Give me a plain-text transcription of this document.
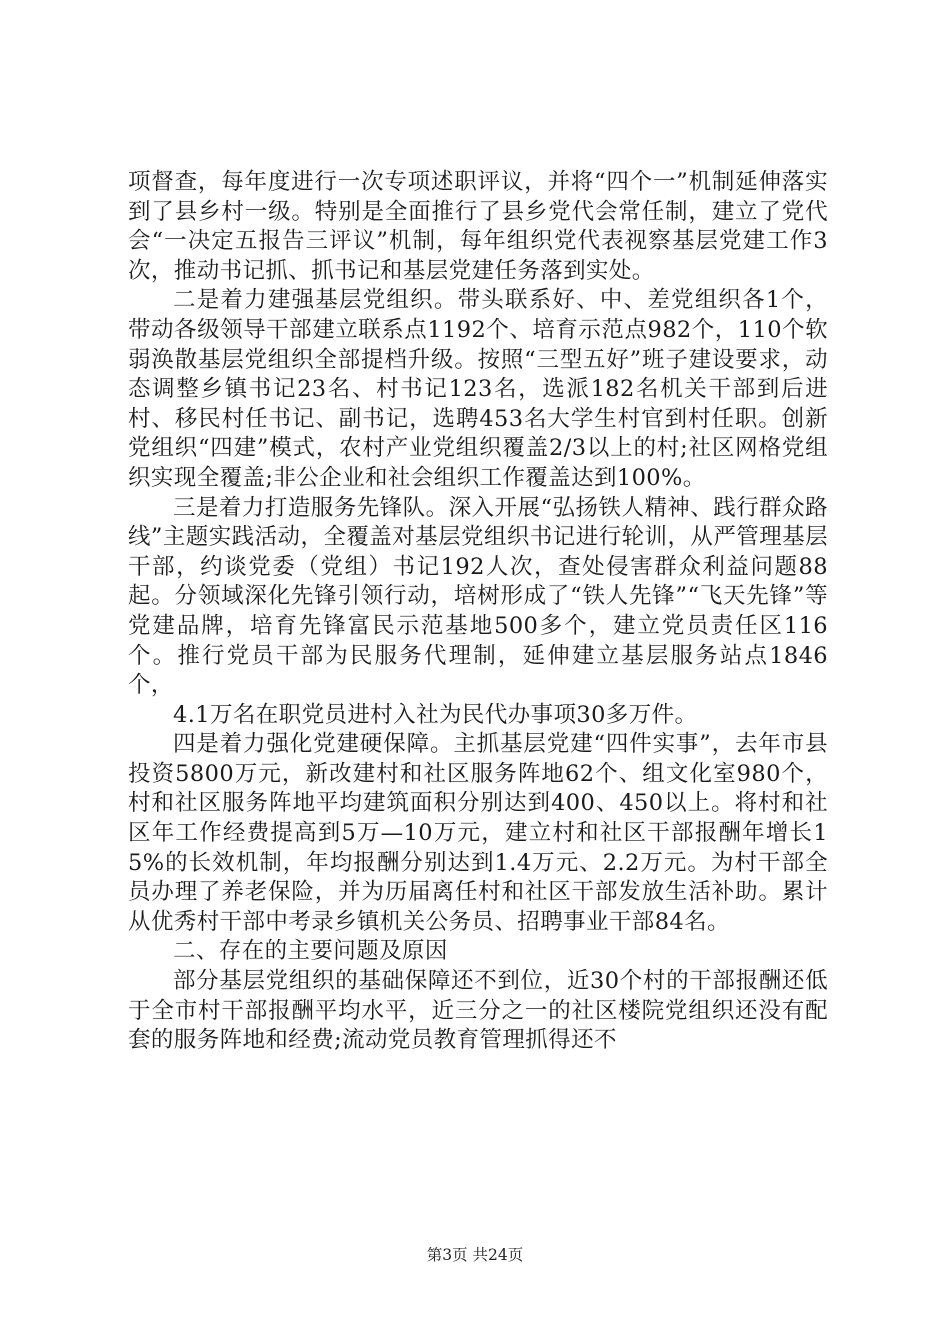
项督查，每年度进行一次专项述职评议，并将“四个一”机制延伸落实到了县乡村一级。特别是全面推行了县乡党代会常任制，建立了党代会“一决定五报告三评议”机制，每年组织党代表视察基层党建工作3次，推动书记抓、抓书记和基层党建任务落到实处。

二是着力建强基层党组织。带头联系好、中、差党组织各1个，带动各级领导干部建立联系点1192个、培育示范点982个，110个软弱涣散基层党组织全部提档升级。按照“三型五好”班子建设要求，动态调整乡镇书记23名、村书记123名，选派182名机关干部到后进村、移民村任书记、副书记，选聘453名大学生村官到村任职。创新党组织“四建”模式，农村产业党组织覆盖2/3以上的村;社区网格党组织实现全覆盖;非公企业和社会组织工作覆盖达到100%。

三是着力打造服务先锋队。深入开展“弘扬铁人精神、践行群众路线”主题实践活动，全覆盖对基层党组织书记进行轮训，从严管理基层干部，约谈党委（党组）书记192人次，查处侵害群众利益问题88起。分领域深化先锋引领行动，培树形成了“铁人先锋”“飞天先锋”等党建品牌，培育先锋富民示范基地500多个，建立党员责任区116个。推行党员干部为民服务代理制，延伸建立基层服务站点1846个，

4.1万名在职党员进村入社为民代办事项30多万件。

四是着力强化党建硬保障。主抓基层党建“四件实事”，去年市县投资5800万元，新改建村和社区服务阵地62个、组文化室980个，村和社区服务阵地平均建筑面积分别达到400、450以上。将村和社区年工作经费提高到5万—10万元，建立村和社区干部报酬年增长15%的长效机制，年均报酬分别达到1.4万元、2.2万元。为村干部全员办理了养老保险，并为历届离任村和社区干部发放生活补助。累计从优秀村干部中考录乡镇机关公务员、招聘事业干部84名。

二、存在的主要问题及原因

部分基层党组织的基础保障还不到位，近30个村的干部报酬还低于全市村干部报酬平均水平，近三分之一的社区楼院党组织还没有配套的服务阵地和经费;流动党员教育管理抓得还不

第3页 共24页
